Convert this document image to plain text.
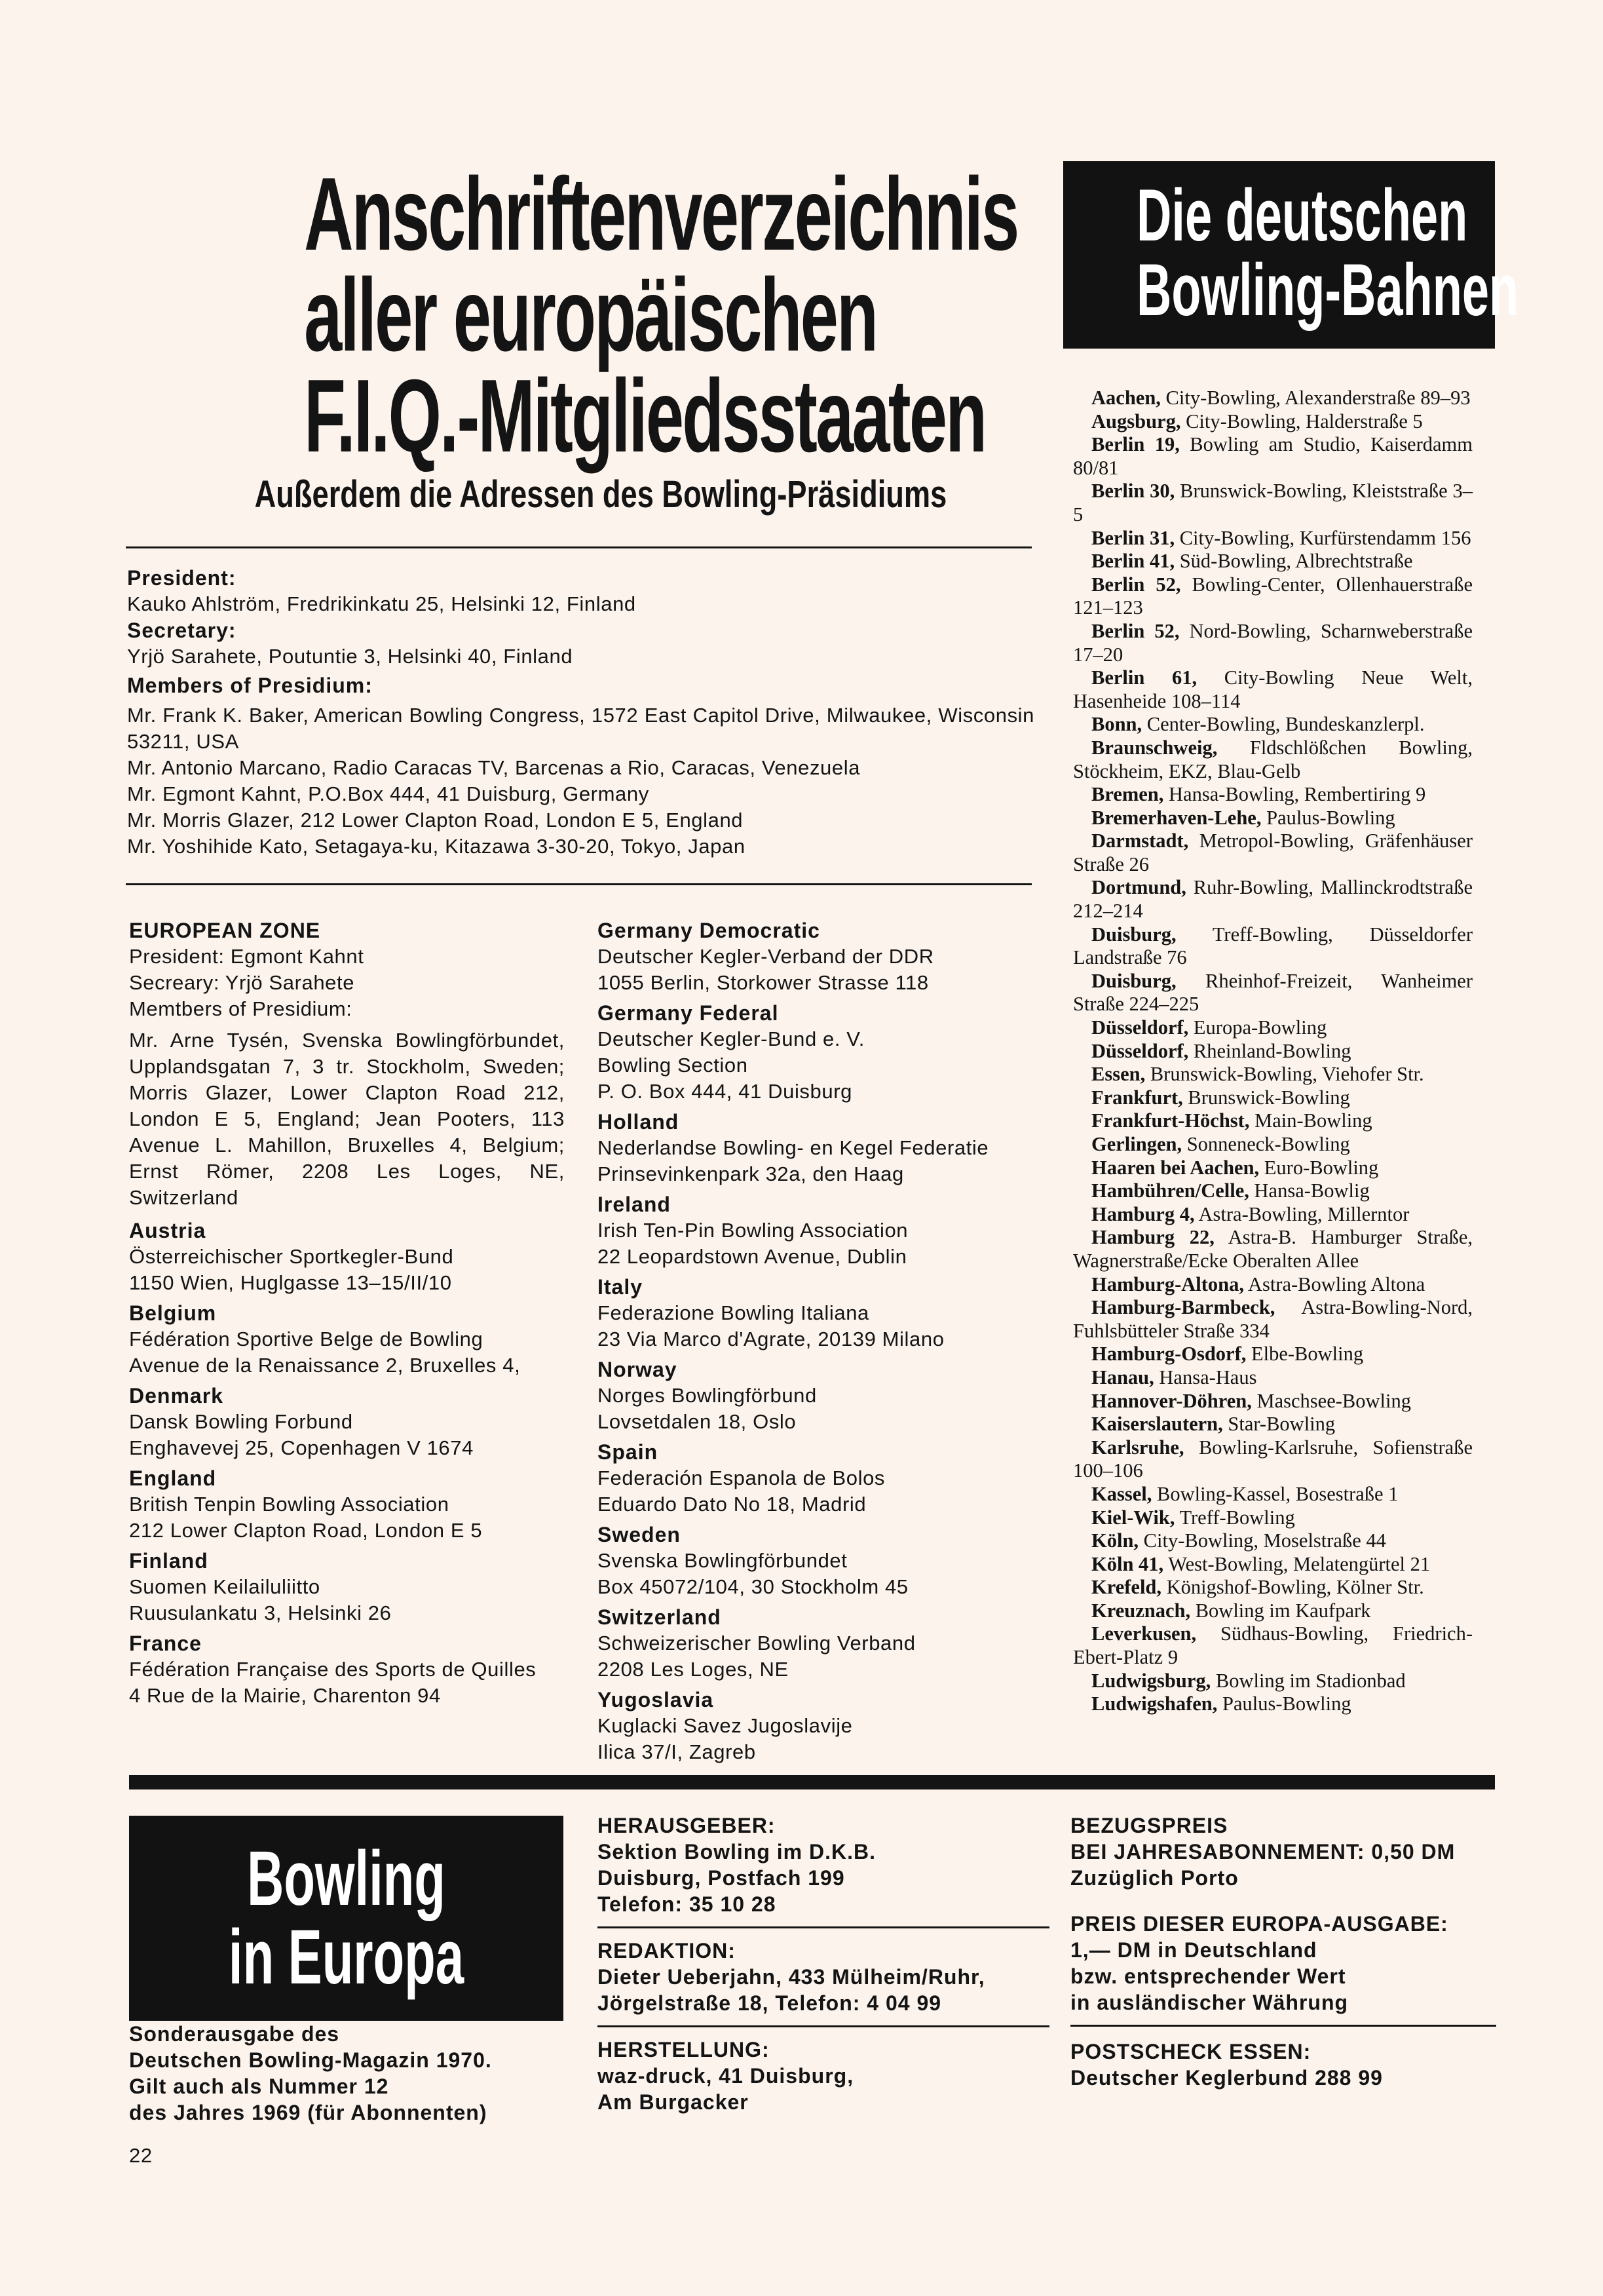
Anschriftenverzeichnis
aller europäischen
F.I.Q.-Mitgliedsstaaten
Außerdem die Adressen des Bowling-Präsidiums
Die deutschen
Bowling-Bahnen
President:
Kauko Ahlström, Fredrikinkatu 25, Helsinki 12, Finland
Secretary:
Yrjö Sarahete, Poutuntie 3, Helsinki 40, Finland
Members of Presidium:
Mr. Frank K. Baker, American Bowling Congress, 1572 East Capitol Drive, Milwaukee, Wisconsin 53211, USA
Mr. Antonio Marcano, Radio Caracas TV, Barcenas a Rio, Caracas, Venezuela
Mr. Egmont Kahnt, P.O.Box 444, 41 Duisburg, Germany
Mr. Morris Glazer, 212 Lower Clapton Road, London E 5, England
Mr. Yoshihide Kato, Setagaya-ku, Kitazawa 3-30-20, Tokyo, Japan
EUROPEAN ZONE
President: Egmont Kahnt
Secreary: Yrjö Sarahete
Memtbers of Presidium:
Mr. Arne Tysén, Svenska Bowlingförbundet, Upplandsgatan 7, 3 tr. Stockholm, Sweden; Morris Glazer, Lower Clapton Road 212, London E 5, England; Jean Pooters, 113 Avenue L. Mahillon, Bruxelles 4, Belgium; Ernst Römer, 2208 Les Loges, NE, Switzerland
Austria
Österreichischer Sportkegler-Bund
1150 Wien, Huglgasse 13–15/II/10
Belgium
Fédération Sportive Belge de Bowling
Avenue de la Renaissance 2, Bruxelles 4,
Denmark
Dansk Bowling Forbund
Enghavevej 25, Copenhagen V 1674
England
British Tenpin Bowling Association
212 Lower Clapton Road, London E 5
Finland
Suomen Keilailuliitto
Ruusulankatu 3, Helsinki 26
France
Fédération Française des Sports de Quilles
4 Rue de la Mairie, Charenton 94
Germany Democratic
Deutscher Kegler-Verband der DDR
1055 Berlin, Storkower Strasse 118
Germany Federal
Deutscher Kegler-Bund e. V.
Bowling Section
P. O. Box 444, 41 Duisburg
Holland
Nederlandse Bowling- en Kegel Federatie
Prinsevinkenpark 32a, den Haag
Ireland
Irish Ten-Pin Bowling Association
22 Leopardstown Avenue, Dublin
Italy
Federazione Bowling Italiana
23 Via Marco d'Agrate, 20139 Milano
Norway
Norges Bowlingförbund
Lovsetdalen 18, Oslo
Spain
Federación Espanola de Bolos
Eduardo Dato No 18, Madrid
Sweden
Svenska Bowlingförbundet
Box 45072/104, 30 Stockholm 45
Switzerland
Schweizerischer Bowling Verband
2208 Les Loges, NE
Yugoslavia
Kuglacki Savez Jugoslavije
Ilica 37/I, Zagreb
Aachen, City-Bowling, Alexanderstraße 89–93
Augsburg, City-Bowling, Halderstraße 5
Berlin 19, Bowling am Studio, Kaiserdamm 80/81
Berlin 30, Brunswick-Bowling, Kleiststraße 3–5
Berlin 31, City-Bowling, Kurfürstendamm 156
Berlin 41, Süd-Bowling, Albrechtstraße
Berlin 52, Bowling-Center, Ollenhauerstraße 121–123
Berlin 52, Nord-Bowling, Scharnweberstraße 17–20
Berlin 61, City-Bowling Neue Welt, Hasenheide 108–114
Bonn, Center-Bowling, Bundeskanzlerpl.
Braunschweig, Fldschlößchen Bowling, Stöckheim, EKZ, Blau-Gelb
Bremen, Hansa-Bowling, Rembertiring 9
Bremerhaven-Lehe, Paulus-Bowling
Darmstadt, Metropol-Bowling, Gräfenhäuser Straße 26
Dortmund, Ruhr-Bowling, Mallinckrodtstraße 212–214
Duisburg, Treff-Bowling, Düsseldorfer Landstraße 76
Duisburg, Rheinhof-Freizeit, Wanheimer Straße 224–225
Düsseldorf, Europa-Bowling
Düsseldorf, Rheinland-Bowling
Essen, Brunswick-Bowling, Viehofer Str.
Frankfurt, Brunswick-Bowling
Frankfurt-Höchst, Main-Bowling
Gerlingen, Sonneneck-Bowling
Haaren bei Aachen, Euro-Bowling
Hambühren/Celle, Hansa-Bowlig
Hamburg 4, Astra-Bowling, Millerntor
Hamburg 22, Astra-B. Hamburger Straße, Wagnerstraße/Ecke Oberalten Allee
Hamburg-Altona, Astra-Bowling Altona
Hamburg-Barmbeck, Astra-Bowling-Nord, Fuhlsbütteler Straße 334
Hamburg-Osdorf, Elbe-Bowling
Hanau, Hansa-Haus
Hannover-Döhren, Maschsee-Bowling
Kaiserslautern, Star-Bowling
Karlsruhe, Bowling-Karlsruhe, Sofienstraße 100–106
Kassel, Bowling-Kassel, Bosestraße 1
Kiel-Wik, Treff-Bowling
Köln, City-Bowling, Moselstraße 44
Köln 41, West-Bowling, Melatengürtel 21
Krefeld, Königshof-Bowling, Kölner Str.
Kreuznach, Bowling im Kaufpark
Leverkusen, Südhaus-Bowling, Friedrich-Ebert-Platz 9
Ludwigsburg, Bowling im Stadionbad
Ludwigshafen, Paulus-Bowling
Bowling
in Europa
Sonderausgabe des
Deutschen Bowling-Magazin 1970.
Gilt auch als Nummer 12
des Jahres 1969 (für Abonnenten)
HERAUSGEBER:
Sektion Bowling im D.K.B.
Duisburg, Postfach 199
Telefon: 35 10 28
REDAKTION:
Dieter Ueberjahn, 433 Mülheim/Ruhr,
Jörgelstraße 18, Telefon: 4 04 99
HERSTELLUNG:
waz-druck, 41 Duisburg,
Am Burgacker
BEZUGSPREIS
BEI JAHRESABONNEMENT: 0,50 DM
Zuzüglich Porto
PREIS DIESER EUROPA-AUSGABE:
1,— DM in Deutschland
bzw. entsprechender Wert
in ausländischer Währung
POSTSCHECK ESSEN:
Deutscher Keglerbund 288 99
22
